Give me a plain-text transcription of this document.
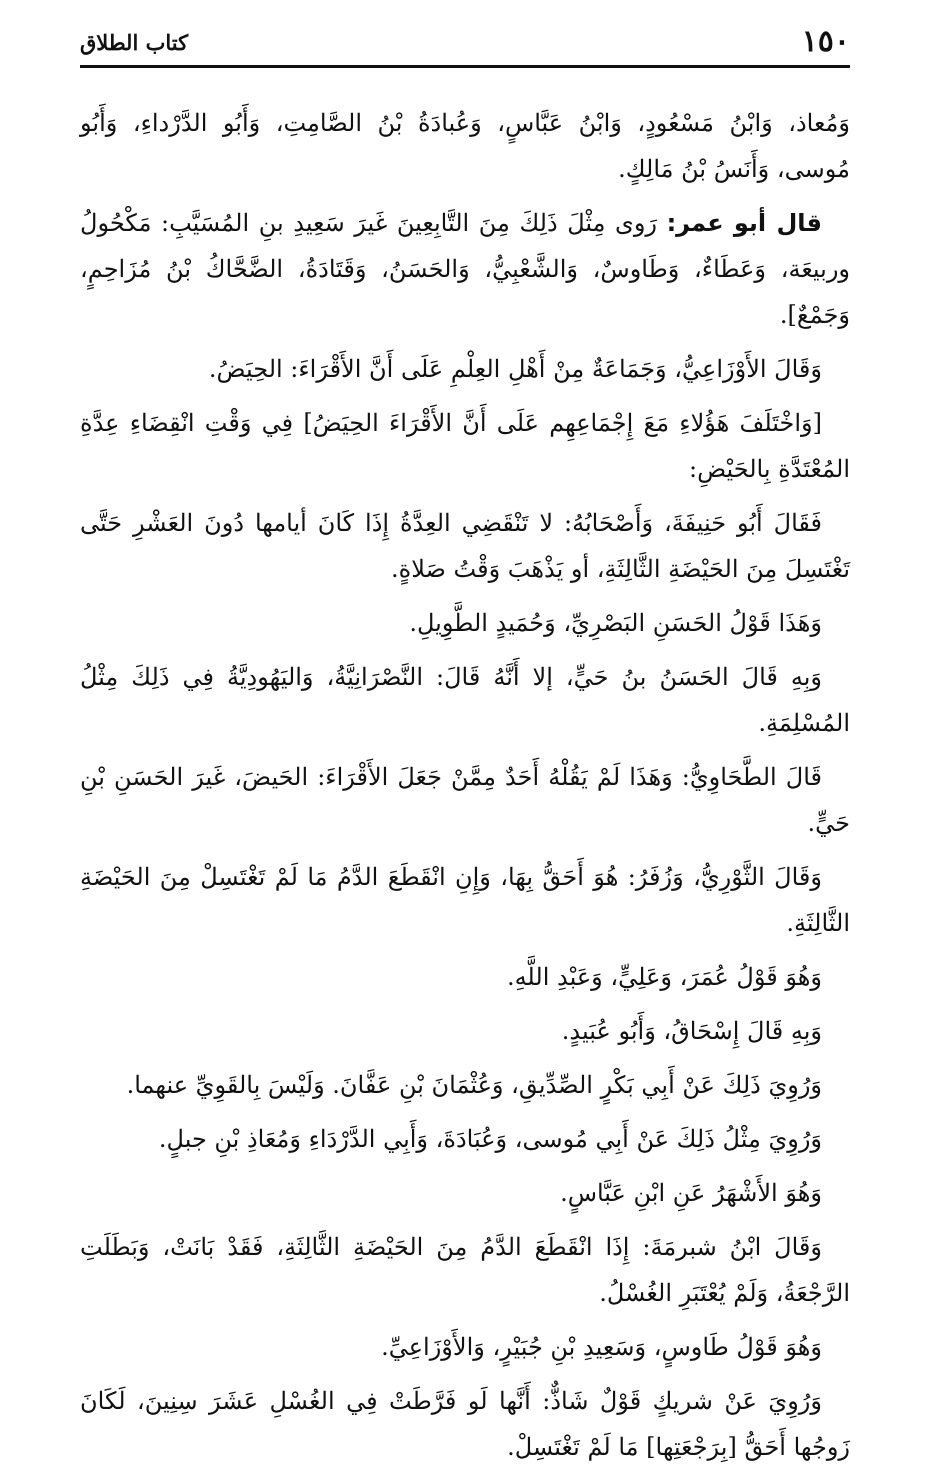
١٥٠
كتاب الطلاق

وَمُعاذ، وَابْنُ مَسْعُودٍ، وَابْنُ عَبَّاسٍ، وَعُبادَةُ بْنُ الصَّامِتِ، وَأَبُو الدَّرْداءِ، وَأَبُو مُوسى، وَأَنَسُ بْنُ مَالِكٍ.

قال أبو عمر: رَوى مِثْلَ ذَلِكَ مِنَ التَّابِعِينَ غَيرَ سَعِيدِ بنِ المُسَيَّبِ: مَكْحُولُ وربيعَة، وَعَطَاءٌ، وَطَاوسٌ، وَالشَّعْبِيُّ، وَالحَسَنُ، وَقَتَادَةُ، الضَّحَّاكُ بْنُ مُزَاحِمٍ، وَجَمْعٌ].

وَقَالَ الأَوْزَاعِيُّ، وَجَمَاعَةٌ مِنْ أَهْلِ العِلْمِ عَلَى أَنَّ الأَقْرَاءَ: الحِيَضُ.

[وَاخْتَلَفَ هَؤُلاءِ مَعَ إِجْمَاعِهِم عَلَى أَنَّ الأَقْرَاءَ الحِيَضُ] فِي وَقْتِ انْقِضَاءِ عِدَّةِ المُعْتَدَّةِ بِالحَيْضِ:

فَقَالَ أَبُو حَنِيفَةَ، وَأَصْحَابُهُ: لا تَنْقَضِي العِدَّةُ إِذَا كَانَ أيامها دُونَ العَشْرِ حَتَّى تَغْتَسِلَ مِنَ الحَيْضَةِ الثَّالِثَةِ، أو يَذْهَبَ وَقْتُ صَلاةٍ.

وَهَذَا قَوْلُ الحَسَنِ البَصْرِيِّ، وَحُمَيدٍ الطَّوِيلِ.

وَبِهِ قَالَ الحَسَنُ بنُ حَيٍّ، إلا أَنَّهُ قَالَ: النَّصْرَانِيَّةُ، وَاليَهُودِيَّةُ فِي ذَلِكَ مِثْلُ المُسْلِمَةِ.

قَالَ الطَّحَاوِيُّ: وَهَذَا لَمْ يَقُلْهُ أَحَدٌ مِمَّنْ جَعَلَ الأَقْرَاءَ: الحَيضَ، غَيرَ الحَسَنِ بْنِ حَيٍّ.

وَقَالَ الثَّوْرِيُّ، وَزُفَرُ: هُوَ أَحَقُّ بِهَا، وَإِنِ انْقَطَعَ الدَّمُ مَا لَمْ تَغْتَسِلْ مِنَ الحَيْضَةِ الثَّالِثَةِ.

وَهُوَ قَوْلُ عُمَرَ، وَعَلِيٍّ، وَعَبْدِ اللَّهِ.

وَبِهِ قَالَ إِسْحَاقُ، وَأَبُو عُبَيدٍ.

وَرُوِيَ ذَلِكَ عَنْ أَبِي بَكْرٍ الصِّدِّيقِ، وَعُثْمَانَ بْنِ عَفَّانَ. وَلَيْسَ بِالقَوِيِّ عنهما.

وَرُوِيَ مِثْلُ ذَلِكَ عَنْ أَبِي مُوسى، وَعُبَادَةَ، وَأَبِي الدَّرْدَاءِ وَمُعَاذِ بْنِ جبلٍ.

وَهُوَ الأَشْهَرُ عَنِ ابْنِ عَبَّاسٍ.

وَقَالَ ابْنُ شبرمَةَ: إِذَا انْقَطَعَ الدَّمُ مِنَ الحَيْضَةِ الثَّالِثَةِ، فَقَدْ بَانَتْ، وَبَطَلَتِ الرَّجْعَةُ، وَلَمْ يُعْتَبَرِ الغُسْلُ.

وَهُوَ قَوْلُ طَاوسٍ، وَسَعِيدِ بْنِ جُبَيْرٍ، وَالأَوْزَاعِيِّ.

وَرُوِيَ عَنْ شريكٍ قَوْلٌ شَاذٌّ: أَنَّها لَو فَرَّطَتْ فِي الغُسْلِ عَشَرَ سِنِينَ، لَكَانَ زَوجُها أَحَقُّ [بِرَجْعَتِها] مَا لَمْ تَغْتَسِلْ.
